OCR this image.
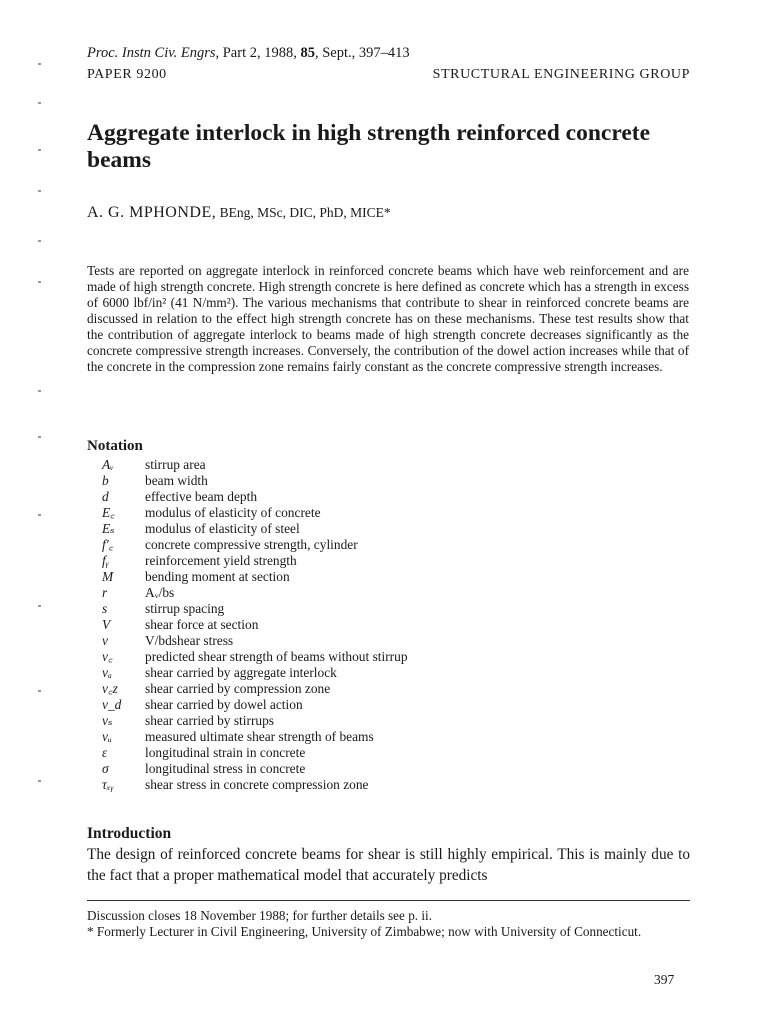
Proc. Instn Civ. Engrs, Part 2, 1988, 85, Sept., 397–413
PAPER 9200	STRUCTURAL ENGINEERING GROUP
Aggregate interlock in high strength reinforced concrete beams
A. G. MPHONDE, BEng, MSc, DIC, PhD, MICE*

Tests are reported on aggregate interlock in reinforced concrete beams which have web reinforcement and are made of high strength concrete. High strength concrete is here defined as concrete which has a strength in excess of 6000 lbf/in² (41 N/mm²). The various mechanisms that contribute to shear in reinforced concrete beams are discussed in relation to the effect high strength concrete has on these mechanisms. These test results show that the contribution of aggregate interlock to beams made of high strength concrete decreases significantly as the concrete compressive strength increases. Conversely, the contribution of the dowel action increases while that of the concrete in the compression zone remains fairly constant as the concrete compressive strength increases.

Notation
Aᵥ	stirrup area
b	beam width
d	effective beam depth
E꜀	modulus of elasticity of concrete
Eₛ	modulus of elasticity of steel
f′꜀	concrete compressive strength, cylinder
fᵧ	reinforcement yield strength
M	bending moment at section
r	Aᵥ/bs
s	stirrup spacing
V	shear force at section
v	V/bdshear stress
v꜀	predicted shear strength of beams without stirrup
vₐ	shear carried by aggregate interlock
v꜀z	shear carried by compression zone
v_d	shear carried by dowel action
vₛ	shear carried by stirrups
vᵤ	measured ultimate shear strength of beams
ε	longitudinal strain in concrete
σ	longitudinal stress in concrete
τₓᵧ	shear stress in concrete compression zone
Introduction

The design of reinforced concrete beams for shear is still highly empirical. This is mainly due to the fact that a proper mathematical model that accurately predicts

Discussion closes 18 November 1988; for further details see p. ii.

* Formerly Lecturer in Civil Engineering, University of Zimbabwe; now with University of Connecticut.

397
